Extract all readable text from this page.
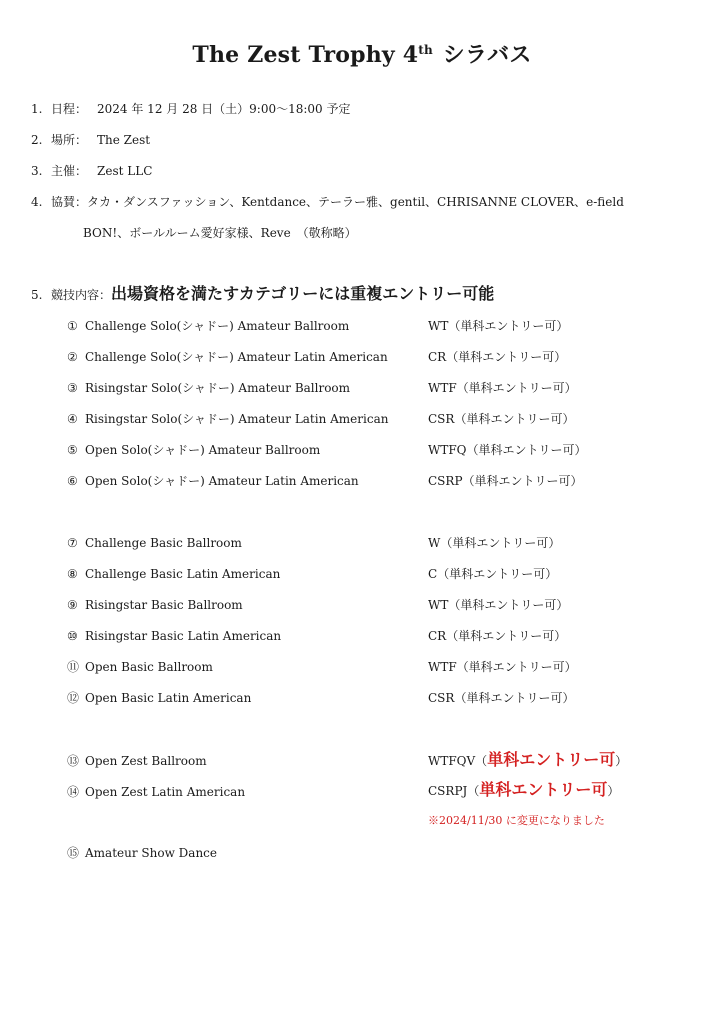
The Zest Trophy 4th シラバス
1. 日程： 2024 年 12 月 28 日（土）9:00〜18:00 予定
2. 場所： The Zest
3. 主催： Zest LLC
4. 協賛：タカ・ダンスファッション、Kentdance、テーラー雅、gentil、CHRISANNE CLOVER、e-field
BON!、ボールルーム愛好家様、Reve　（敬称略）
5. 競技内容：出場資格を満たすカテゴリーには重複エントリー可能
① Challenge Solo(シャドー) Amateur Ballroom	WT（単科エントリー可）
② Challenge Solo(シャドー) Amateur Latin American	CR（単科エントリー可）
③ Risingstar Solo(シャドー) Amateur Ballroom	WTF（単科エントリー可）
④ Risingstar Solo(シャドー) Amateur Latin American	CSR（単科エントリー可）
⑤ Open Solo(シャドー) Amateur Ballroom	WTFQ（単科エントリー可）
⑥ Open Solo(シャドー) Amateur Latin American	CSRP（単科エントリー可）
⑦ Challenge Basic Ballroom	W（単科エントリー可）
⑧ Challenge Basic Latin American	C（単科エントリー可）
⑨ Risingstar Basic Ballroom	WT（単科エントリー可）
⑩ Risingstar Basic Latin American	CR（単科エントリー可）
⑪ Open Basic Ballroom	WTF（単科エントリー可）
⑫ Open Basic Latin American	CSR（単科エントリー可）
⑬ Open Zest Ballroom	WTFQV（単科エントリー可）
⑭ Open Zest Latin American	CSRPJ（単科エントリー可）
※2024/11/30 に変更になりました
⑮ Amateur Show Dance
